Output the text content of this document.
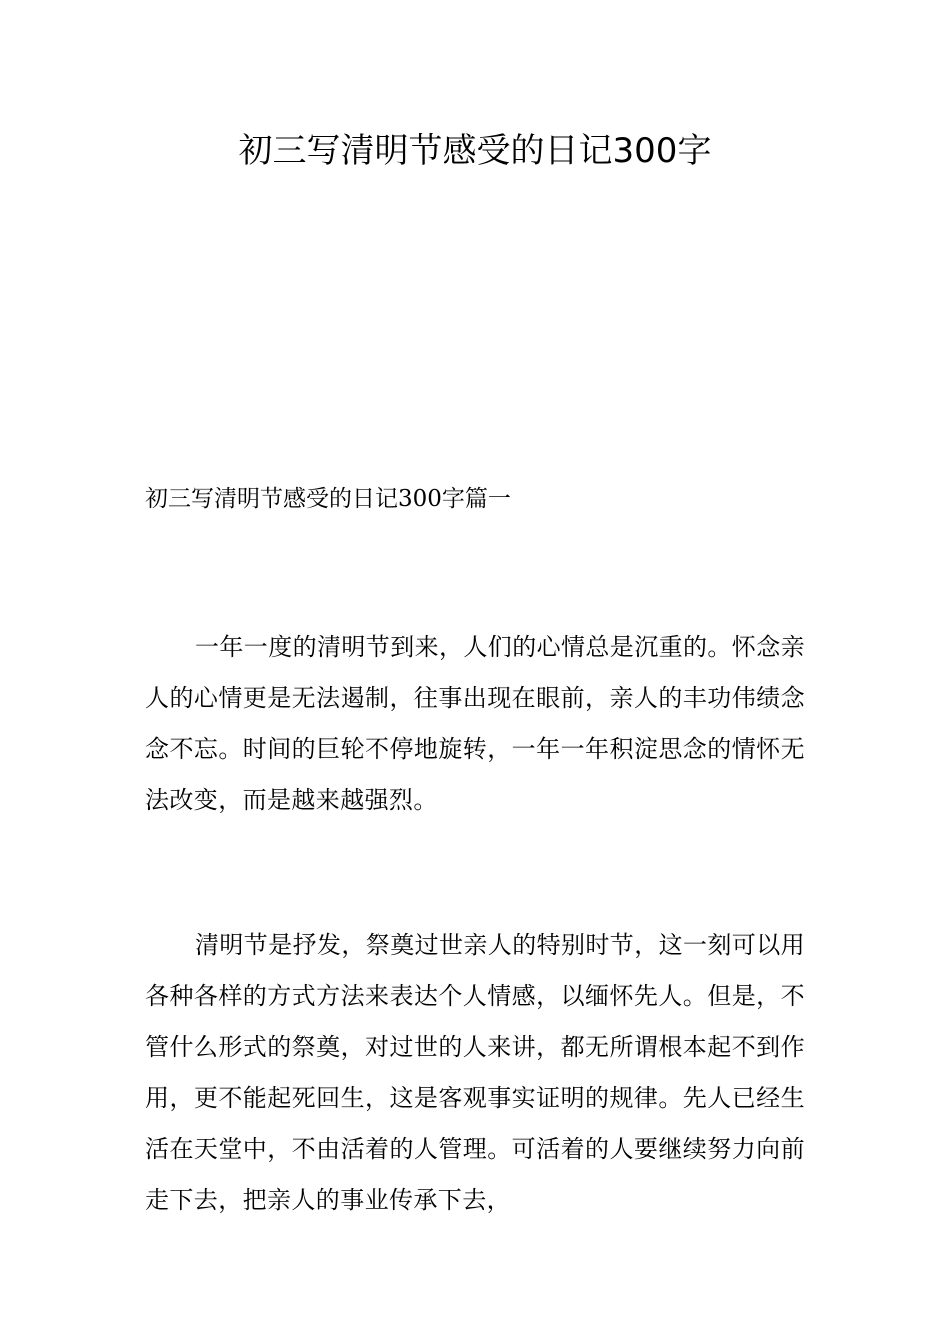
初三写清明节感受的日记300字
初三写清明节感受的日记300字篇一

一年一度的清明节到来，人们的心情总是沉重的。怀念亲人的心情更是无法遏制，往事出现在眼前，亲人的丰功伟绩念念不忘。时间的巨轮不停地旋转，一年一年积淀思念的情怀无法改变，而是越来越强烈。

清明节是抒发，祭奠过世亲人的特别时节，这一刻可以用各种各样的方式方法来表达个人情感，以缅怀先人。但是，不管什么形式的祭奠，对过世的人来讲，都无所谓根本起不到作用，更不能起死回生，这是客观事实证明的规律。先人已经生活在天堂中，不由活着的人管理。可活着的人要继续努力向前走下去，把亲人的事业传承下去，
